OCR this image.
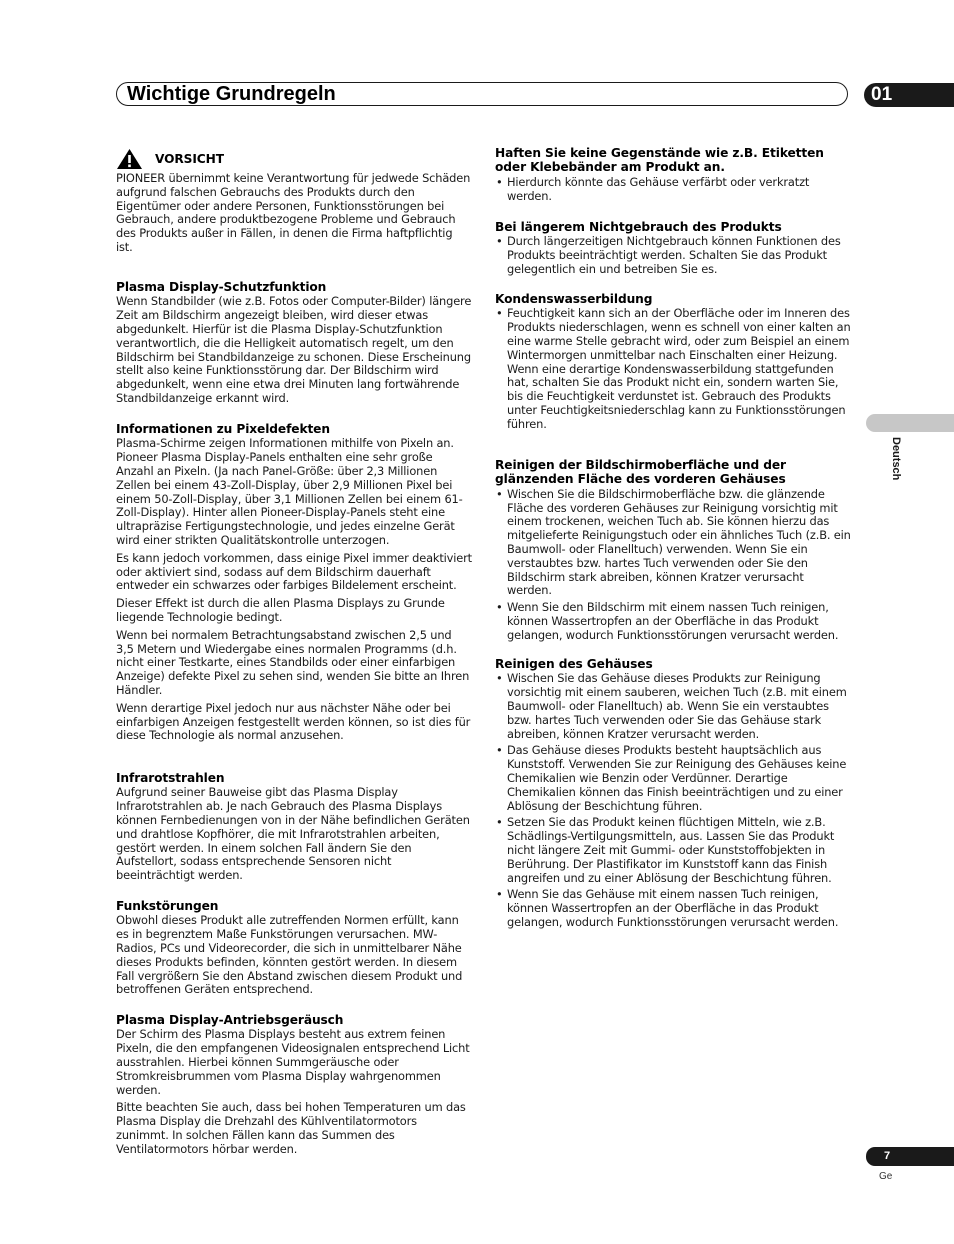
Wichtige Grundregeln	01
Deutsch
7
Ge
VORSICHT

PIONEER übernimmt keine Verantwortung für jedwede Schäden aufgrund falschen Gebrauchs des Produkts durch den Eigentümer oder andere Personen, Funktionsstörungen bei Gebrauch, andere produktbezogene Probleme und Gebrauch des Produkts außer in Fällen, in denen die Firma haftpflichtig ist.

Plasma Display-Schutzfunktion

Wenn Standbilder (wie z.B. Fotos oder Computer-Bilder) längere Zeit am Bildschirm angezeigt bleiben, wird dieser etwas abgedunkelt. Hierfür ist die Plasma Display-Schutzfunktion verantwortlich, die die Helligkeit automatisch regelt, um den Bildschirm bei Standbildanzeige zu schonen. Diese Erscheinung stellt also keine Funktionsstörung dar. Der Bildschirm wird abgedunkelt, wenn eine etwa drei Minuten lang fortwährende Standbildanzeige erkannt wird.

Informationen zu Pixeldefekten

Plasma-Schirme zeigen Informationen mithilfe von Pixeln an. Pioneer Plasma Display-Panels enthalten eine sehr große Anzahl an Pixeln. (Ja nach Panel-Größe: über 2,3 Millionen Zellen bei einem 43-Zoll-Display, über 2,9 Millionen Pixel bei einem 50-Zoll-Display, über 3,1 Millionen Zellen bei einem 61-Zoll-Display). Hinter allen Pioneer-Display-Panels steht eine ultrapräzise Fertigungstechnologie, und jedes einzelne Gerät wird einer strikten Qualitätskontrolle unterzogen.

Es kann jedoch vorkommen, dass einige Pixel immer deaktiviert oder aktiviert sind, sodass auf dem Bildschirm dauerhaft entweder ein schwarzes oder farbiges Bildelement erscheint.

Dieser Effekt ist durch die allen Plasma Displays zu Grunde liegende Technologie bedingt.

Wenn bei normalem Betrachtungsabstand zwischen 2,5 und 3,5 Metern und Wiedergabe eines normalen Programms (d.h. nicht einer Testkarte, eines Standbilds oder einer einfarbigen Anzeige) defekte Pixel zu sehen sind, wenden Sie bitte an Ihren Händler.

Wenn derartige Pixel jedoch nur aus nächster Nähe oder bei einfarbigen Anzeigen festgestellt werden können, so ist dies für diese Technologie als normal anzusehen.

Infrarotstrahlen

Aufgrund seiner Bauweise gibt das Plasma Display Infrarotstrahlen ab. Je nach Gebrauch des Plasma Displays können Fernbedienungen von in der Nähe befindlichen Geräten und drahtlose Kopfhörer, die mit Infrarotstrahlen arbeiten, gestört werden. In einem solchen Fall ändern Sie den Aufstellort, sodass entsprechende Sensoren nicht beeinträchtigt werden.

Funkstörungen

Obwohl dieses Produkt alle zutreffenden Normen erfüllt, kann es in begrenztem Maße Funkstörungen verursachen. MW-Radios, PCs und Videorecorder, die sich in unmittelbarer Nähe dieses Produkts befinden, könnten gestört werden. In diesem Fall vergrößern Sie den Abstand zwischen diesem Produkt und betroffenen Geräten entsprechend.

Plasma Display-Antriebsgeräusch

Der Schirm des Plasma Displays besteht aus extrem feinen Pixeln, die den empfangenen Videosignalen entsprechend Licht ausstrahlen. Hierbei können Summgeräusche oder Stromkreisbrummen vom Plasma Display wahrgenommen werden.

Bitte beachten Sie auch, dass bei hohen Temperaturen um das Plasma Display die Drehzahl des Kühlventilatormotors zunimmt. In solchen Fällen kann das Summen des Ventilatormotors hörbar werden.

Haften Sie keine Gegenstände wie z.B. Etiketten oder Klebebänder am Produkt an.
• Hierdurch könnte das Gehäuse verfärbt oder verkratzt werden.
Bei längerem Nichtgebrauch des Produkts
• Durch längerzeitigen Nichtgebrauch können Funktionen des Produkts beeinträchtigt werden. Schalten Sie das Produkt gelegentlich ein und betreiben Sie es.
Kondenswasserbildung
• Feuchtigkeit kann sich an der Oberfläche oder im Inneren des Produkts niederschlagen, wenn es schnell von einer kalten an eine warme Stelle gebracht wird, oder zum Beispiel an einem Wintermorgen unmittelbar nach Einschalten einer Heizung. Wenn eine derartige Kondenswasserbildung stattgefunden hat, schalten Sie das Produkt nicht ein, sondern warten Sie, bis die Feuchtigkeit verdunstet ist. Gebrauch des Produkts unter Feuchtigkeitsniederschlag kann zu Funktionsstörungen führen.
Reinigen der Bildschirmoberfläche und der glänzenden Fläche des vorderen Gehäuses
• Wischen Sie die Bildschirmoberfläche bzw. die glänzende Fläche des vorderen Gehäuses zur Reinigung vorsichtig mit einem trockenen, weichen Tuch ab. Sie können hierzu das mitgelieferte Reinigungstuch oder ein ähnliches Tuch (z.B. ein Baumwoll- oder Flanelltuch) verwenden. Wenn Sie ein verstaubtes bzw. hartes Tuch verwenden oder Sie den Bildschirm stark abreiben, können Kratzer verursacht werden.
• Wenn Sie den Bildschirm mit einem nassen Tuch reinigen, können Wassertropfen an der Oberfläche in das Produkt gelangen, wodurch Funktionsstörungen verursacht werden.
Reinigen des Gehäuses
• Wischen Sie das Gehäuse dieses Produkts zur Reinigung vorsichtig mit einem sauberen, weichen Tuch (z.B. mit einem Baumwoll- oder Flanelltuch) ab. Wenn Sie ein verstaubtes bzw. hartes Tuch verwenden oder Sie das Gehäuse stark abreiben, können Kratzer verursacht werden.
• Das Gehäuse dieses Produkts besteht hauptsächlich aus Kunststoff. Verwenden Sie zur Reinigung des Gehäuses keine Chemikalien wie Benzin oder Verdünner. Derartige Chemikalien können das Finish beeinträchtigen und zu einer Ablösung der Beschichtung führen.
• Setzen Sie das Produkt keinen flüchtigen Mitteln, wie z.B. Schädlings-Vertilgungsmitteln, aus. Lassen Sie das Produkt nicht längere Zeit mit Gummi- oder Kunststoffobjekten in Berührung. Der Plastifikator im Kunststoff kann das Finish angreifen und zu einer Ablösung der Beschichtung führen.
• Wenn Sie das Gehäuse mit einem nassen Tuch reinigen, können Wassertropfen an der Oberfläche in das Produkt gelangen, wodurch Funktionsstörungen verursacht werden.
